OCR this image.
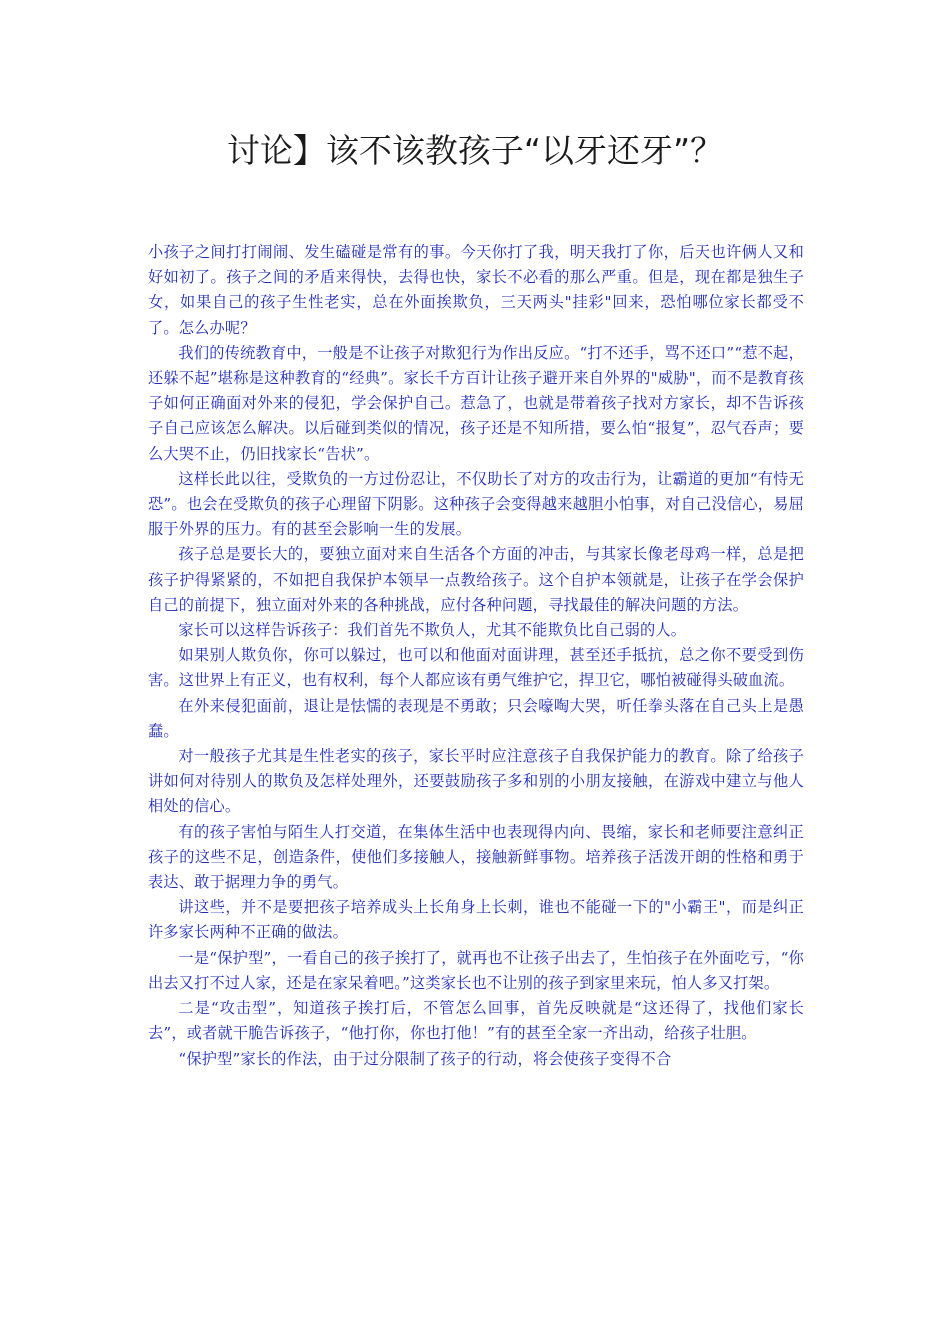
讨论】该不该教孩子“以牙还牙”？

小孩子之间打打闹闹、发生磕碰是常有的事。今天你打了我，明天我打了你，后天也许俩人又和好如初了。孩子之间的矛盾来得快，去得也快，家长不必看的那么严重。但是，现在都是独生子女，如果自己的孩子生性老实，总在外面挨欺负，三天两头"挂彩"回来，恐怕哪位家长都受不了。怎么办呢？

我们的传统教育中，一般是不让孩子对欺犯行为作出反应。“打不还手，骂不还口”“惹不起，还躲不起”堪称是这种教育的“经典”。家长千方百计让孩子避开来自外界的"威胁"，而不是教育孩子如何正确面对外来的侵犯，学会保护自己。惹急了，也就是带着孩子找对方家长，却不告诉孩子自己应该怎么解决。以后碰到类似的情况，孩子还是不知所措，要么怕“报复”，忍气吞声；要么大哭不止，仍旧找家长“告状”。

这样长此以往，受欺负的一方过份忍让，不仅助长了对方的攻击行为，让霸道的更加“有恃无恐”。也会在受欺负的孩子心理留下阴影。这种孩子会变得越来越胆小怕事，对自己没信心，易屈服于外界的压力。有的甚至会影响一生的发展。

孩子总是要长大的，要独立面对来自生活各个方面的冲击，与其家长像老母鸡一样，总是把孩子护得紧紧的，不如把自我保护本领早一点教给孩子。这个自护本领就是，让孩子在学会保护自己的前提下，独立面对外来的各种挑战，应付各种问题，寻找最佳的解决问题的方法。

家长可以这样告诉孩子：我们首先不欺负人，尤其不能欺负比自己弱的人。

如果别人欺负你，你可以躲过，也可以和他面对面讲理，甚至还手抵抗，总之你不要受到伤害。这世界上有正义，也有权利，每个人都应该有勇气维护它，捍卫它，哪怕被碰得头破血流。

在外来侵犯面前，退让是怯懦的表现是不勇敢；只会嚎啕大哭，听任拳头落在自己头上是愚蠢。

对一般孩子尤其是生性老实的孩子，家长平时应注意孩子自我保护能力的教育。除了给孩子讲如何对待别人的欺负及怎样处理外，还要鼓励孩子多和别的小朋友接触，在游戏中建立与他人相处的信心。

有的孩子害怕与陌生人打交道，在集体生活中也表现得内向、畏缩，家长和老师要注意纠正孩子的这些不足，创造条件，使他们多接触人，接触新鲜事物。培养孩子活泼开朗的性格和勇于表达、敢于据理力争的勇气。

讲这些，并不是要把孩子培养成头上长角身上长刺，谁也不能碰一下的"小霸王"，而是纠正许多家长两种不正确的做法。

一是“保护型”，一看自己的孩子挨打了，就再也不让孩子出去了，生怕孩子在外面吃亏，“你出去又打不过人家，还是在家呆着吧。”这类家长也不让别的孩子到家里来玩，怕人多又打架。

二是“攻击型”，知道孩子挨打后，不管怎么回事，首先反映就是“这还得了，找他们家长去”，或者就干脆告诉孩子，“他打你，你也打他！”有的甚至全家一齐出动，给孩子壮胆。

“保护型”家长的作法，由于过分限制了孩子的行动，将会使孩子变得不合
